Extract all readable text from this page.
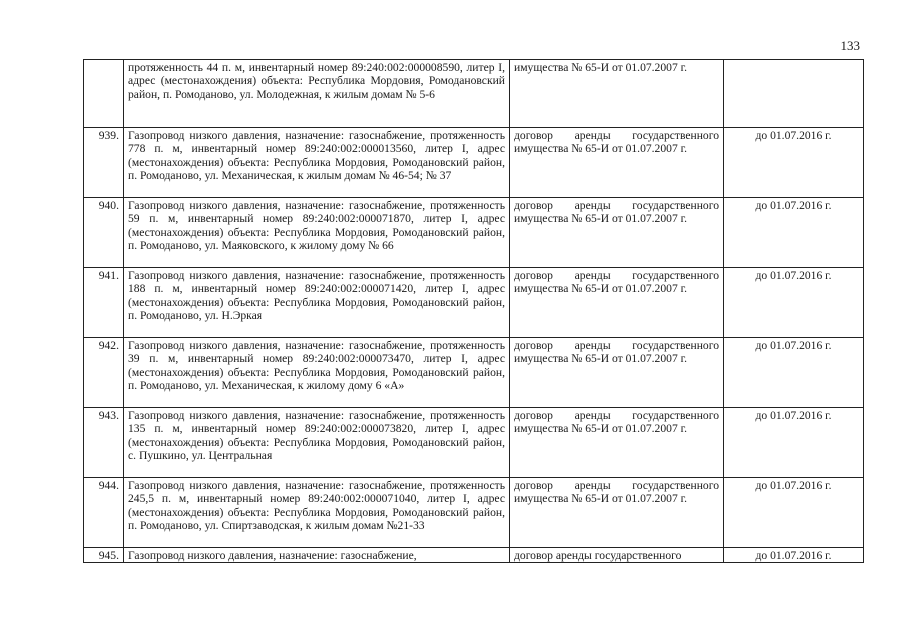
133
	протяженность 44 п. м, инвентарный номер 89:240:002:000008590, литер I, адрес (местонахождения) объекта: Республика Мордовия, Ромодановский район, п. Ромоданово, ул. Молодежная, к жилым домам № 5-6	имущества № 65-И от 01.07.2007 г.	
939.	Газопровод низкого давления, назначение: газоснабжение, протяженность 778 п. м, инвентарный номер 89:240:002:000013560, литер I, адрес (местонахождения) объекта: Республика Мордовия, Ромодановский район, п. Ромоданово, ул. Механическая, к жилым домам № 46-54; № 37	договор аренды государственного имущества № 65-И от 01.07.2007 г.	до 01.07.2016 г.
940.	Газопровод низкого давления, назначение: газоснабжение, протяженность 59 п. м, инвентарный номер 89:240:002:000071870, литер I, адрес (местонахождения) объекта: Республика Мордовия, Ромодановский район, п. Ромоданово, ул. Маяковского, к жилому дому № 66	договор аренды государственного имущества № 65-И от 01.07.2007 г.	до 01.07.2016 г.
941.	Газопровод низкого давления, назначение: газоснабжение, протяженность 188 п. м, инвентарный номер 89:240:002:000071420, литер I, адрес (местонахождения) объекта: Республика Мордовия, Ромодановский район, п. Ромоданово, ул. Н.Эркая	договор аренды государственного имущества № 65-И от 01.07.2007 г.	до 01.07.2016 г.
942.	Газопровод низкого давления, назначение: газоснабжение, протяженность 39 п. м, инвентарный номер 89:240:002:000073470, литер I, адрес (местонахождения) объекта: Республика Мордовия, Ромодановский район, п. Ромоданово, ул. Механическая, к жилому дому 6 «А»	договор аренды государственного имущества № 65-И от 01.07.2007 г.	до 01.07.2016 г.
943.	Газопровод низкого давления, назначение: газоснабжение, протяженность 135 п. м, инвентарный номер 89:240:002:000073820, литер I, адрес (местонахождения) объекта: Республика Мордовия, Ромодановский район, с. Пушкино, ул. Центральная	договор аренды государственного имущества № 65-И от 01.07.2007 г.	до 01.07.2016 г.
944.	Газопровод низкого давления, назначение: газоснабжение, протяженность 245,5 п. м, инвентарный номер 89:240:002:000071040, литер I, адрес (местонахождения) объекта: Республика Мордовия, Ромодановский район, п. Ромоданово, ул. Спиртзаводская, к жилым домам №21-33	договор аренды государственного имущества № 65-И от 01.07.2007 г.	до 01.07.2016 г.
945.	Газопровод низкого давления, назначение: газоснабжение,	договор аренды государственного	до 01.07.2016 г.
